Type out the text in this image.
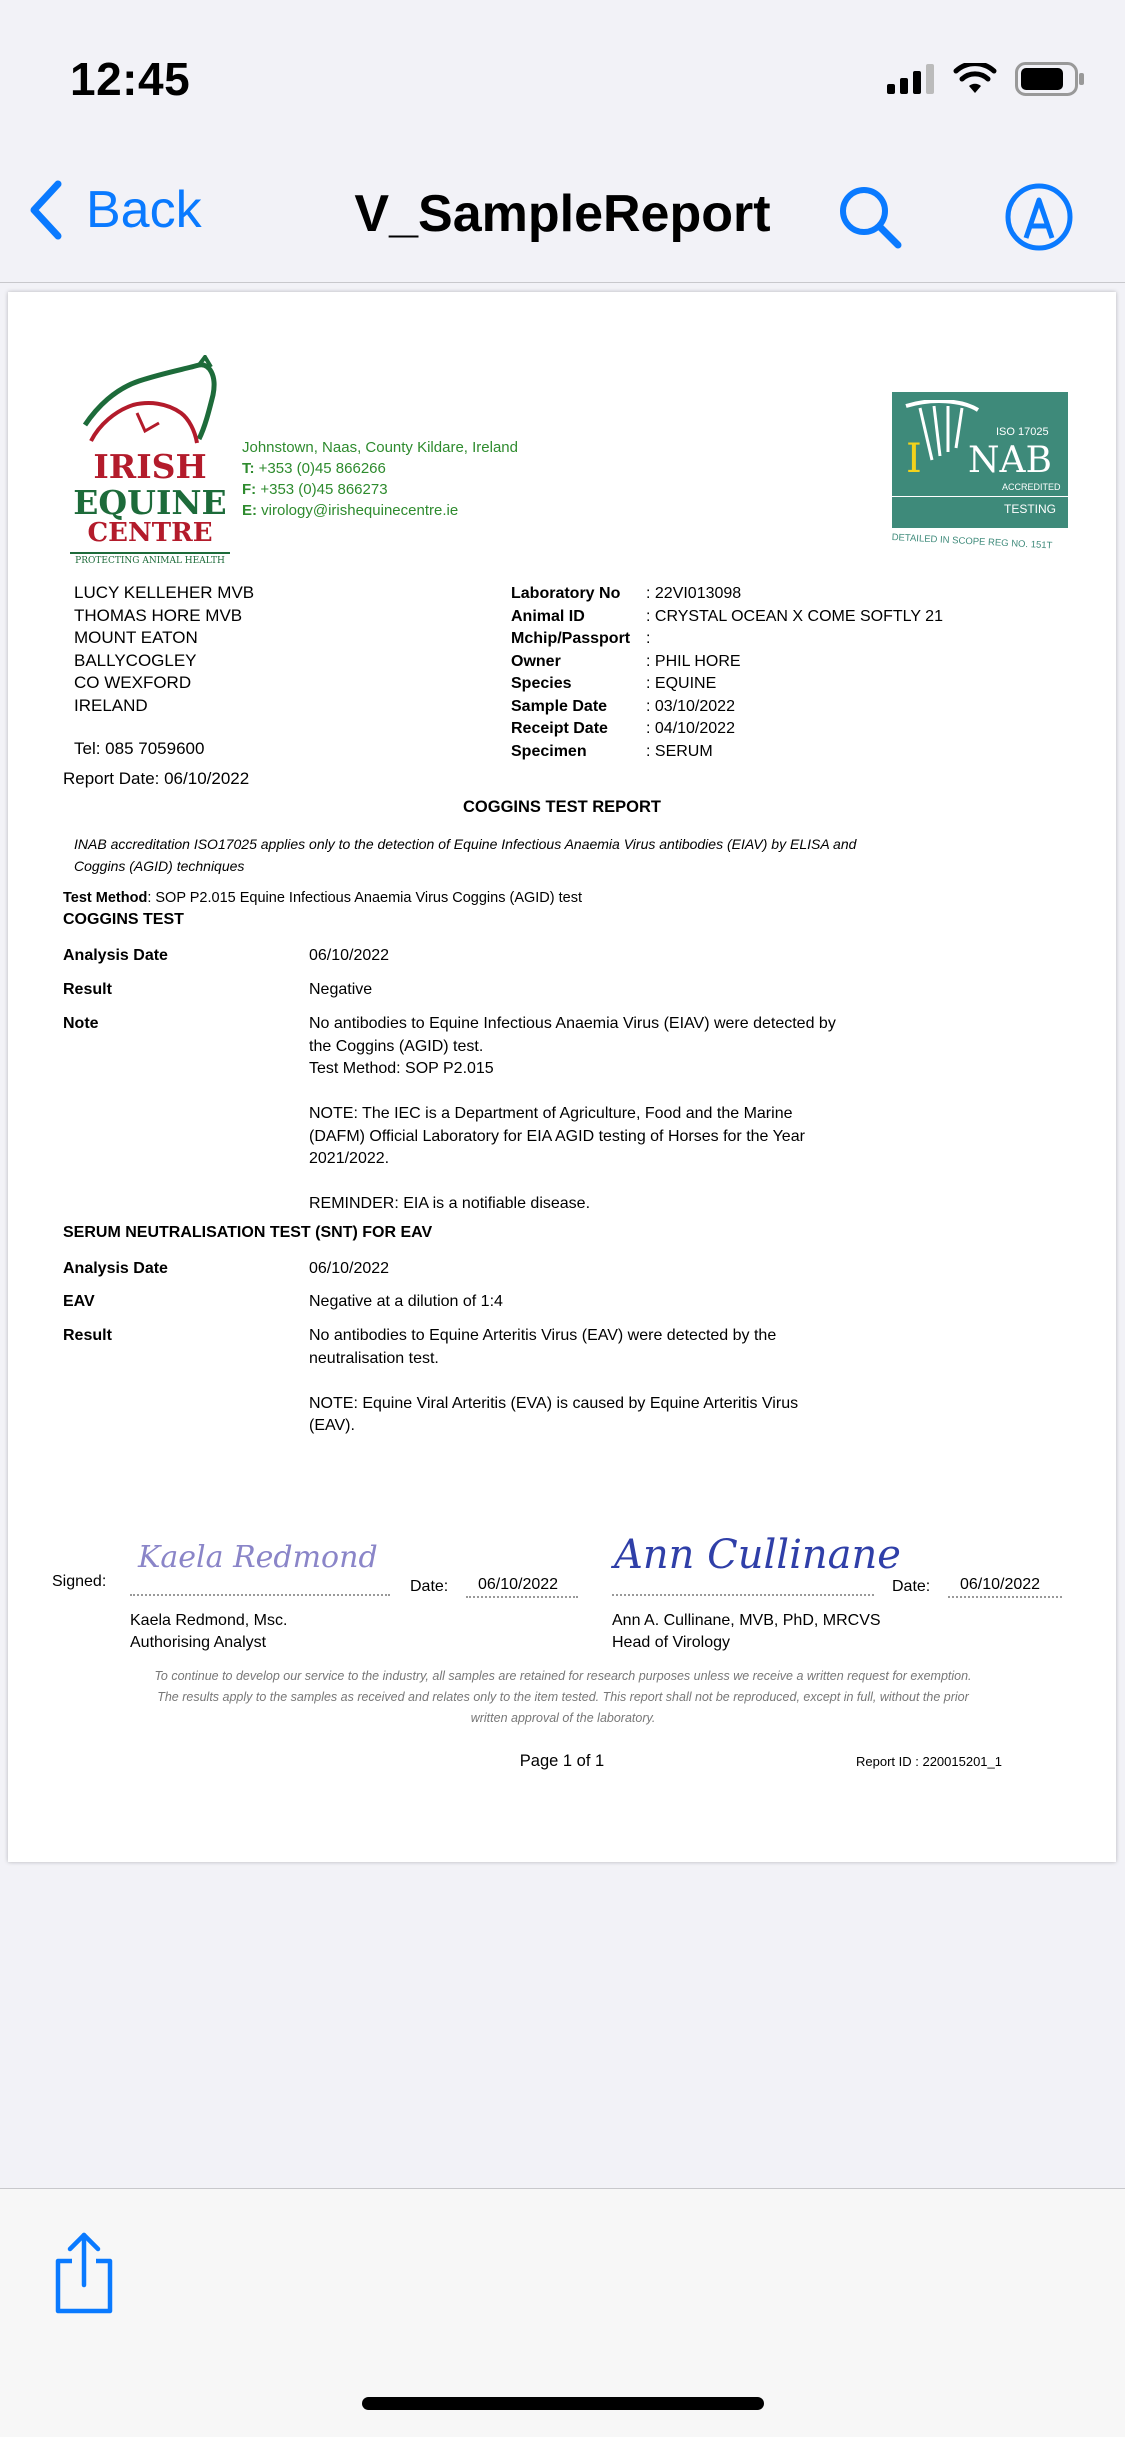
12:45
Back	V_SampleReport
IRISH
EQUINE
CENTRE
PROTECTING ANIMAL HEALTH
Johnstown, Naas, County Kildare, Ireland
T: +353 (0)45 866266
F: +353 (0)45 866273
E: virology@irishequinecentre.ie
ISO 17025
I NAB
ACCREDITED
TESTING
DETAILED IN SCOPE REG NO. 151T
LUCY KELLEHER MVB
THOMAS HORE MVB
MOUNT EATON
BALLYCOGLEY
CO WEXFORD
IRELAND
Tel: 085 7059600
Report Date: 06/10/2022
Laboratory No	: 22VI013098
Animal ID	: CRYSTAL OCEAN X COME SOFTLY 21
Mchip/Passport :
Owner	: PHIL HORE
Species	: EQUINE
Sample Date	: 03/10/2022
Receipt Date	: 04/10/2022
Specimen	: SERUM
COGGINS TEST REPORT
INAB accreditation ISO17025 applies only to the detection of Equine Infectious Anaemia Virus antibodies (EIAV) by ELISA and
Coggins (AGID) techniques
Test Method: SOP P2.015 Equine Infectious Anaemia Virus Coggins (AGID) test
COGGINS TEST
Analysis Date	06/10/2022
Result	Negative
Note	No antibodies to Equine Infectious Anaemia Virus (EIAV) were detected by
the Coggins (AGID) test.
Test Method: SOP P2.015
NOTE: The IEC is a Department of Agriculture, Food and the Marine
(DAFM) Official Laboratory for EIA AGID testing of Horses for the Year
2021/2022.
REMINDER: EIA is a notifiable disease.
SERUM NEUTRALISATION TEST (SNT) FOR EAV
Analysis Date	06/10/2022
EAV	Negative at a dilution of 1:4
Result	No antibodies to Equine Arteritis Virus (EAV) were detected by the
neutralisation test.
NOTE: Equine Viral Arteritis (EVA) is caused by Equine Arteritis Virus
(EAV).
Signed:
Kaela Redmond
Date: 06/10/2022
Kaela Redmond, Msc.
Authorising Analyst
Ann Cullinane
Date: 06/10/2022
Ann A. Cullinane, MVB, PhD, MRCVS
Head of Virology
To continue to develop our service to the industry, all samples are retained for research purposes unless we receive a written request for exemption.
The results apply to the samples as received and relates only to the item tested. This report shall not be reproduced, except in full, without the prior
written approval of the laboratory.
Page 1 of 1	Report ID : 220015201_1
